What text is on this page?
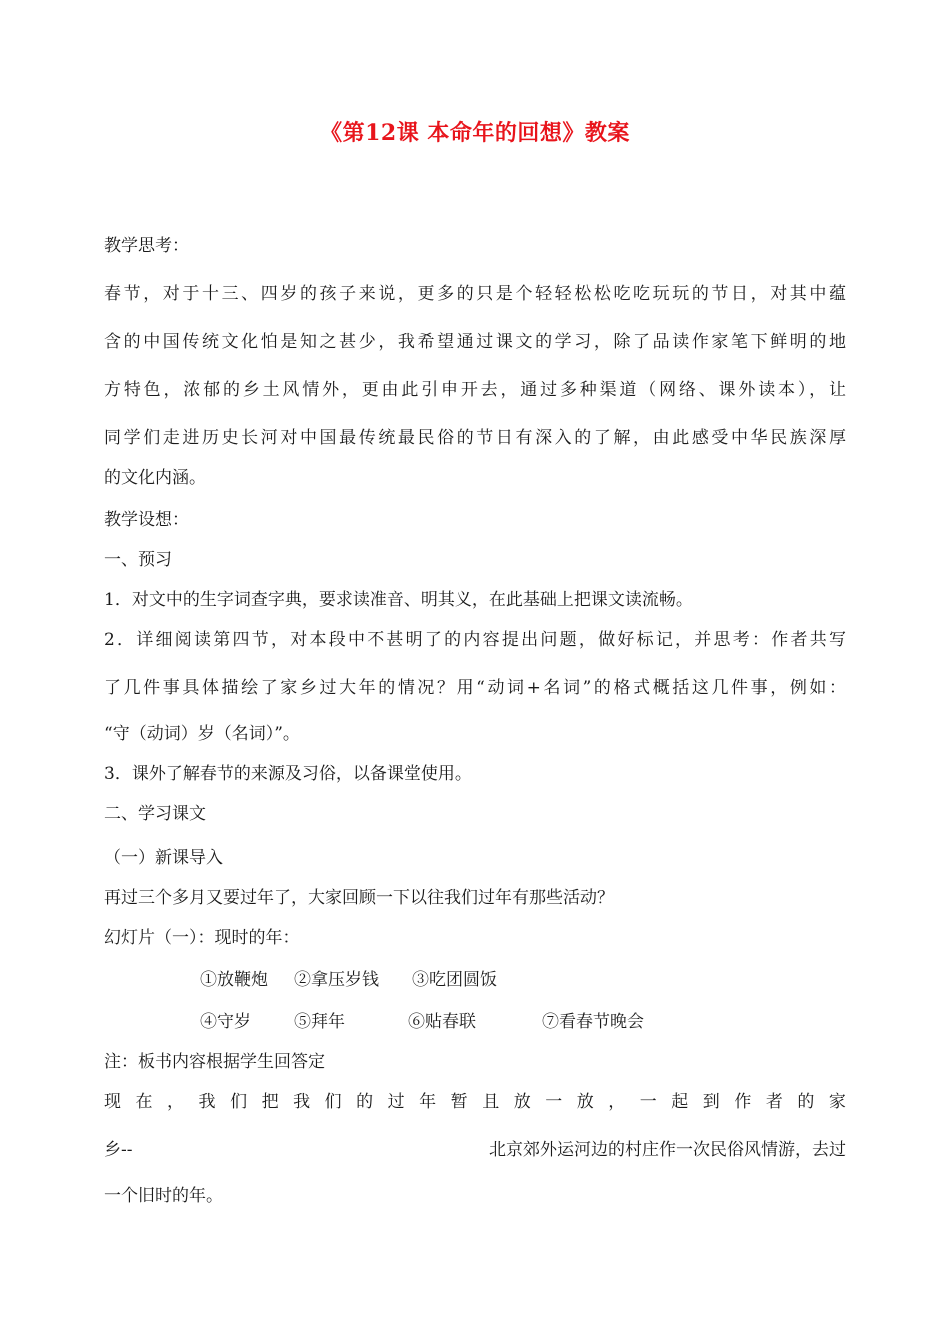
《第12课 本命年的回想》教案
教学思考：
春节，对于十三、四岁的孩子来说，更多的只是个轻轻松松吃吃玩玩的节日，对其中蕴
含的中国传统文化怕是知之甚少，我希望通过课文的学习，除了品读作家笔下鲜明的地
方特色，浓郁的乡土风情外，更由此引申开去，通过多种渠道（网络、课外读本），让
同学们走进历史长河对中国最传统最民俗的节日有深入的了解，由此感受中华民族深厚
的文化内涵。
教学设想：
一、预习
1．对文中的生字词查字典，要求读准音、明其义，在此基础上把课文读流畅。
2．详细阅读第四节，对本段中不甚明了的内容提出问题，做好标记，并思考：作者共写
了几件事具体描绘了家乡过大年的情况？用“动词+名词”的格式概括这几件事，例如：
“守（动词）岁（名词）”。
3．课外了解春节的来源及习俗，以备课堂使用。
二、学习课文
（一）新课导入
再过三个多月又要过年了，大家回顾一下以往我们过年有那些活动？
幻灯片（一）：现时的年：
①放鞭炮 ②拿压岁钱 ③吃团圆饭
④守岁	⑤拜年	⑥贴春联	⑦看春节晚会
注：板书内容根据学生回答定
现 在 ， 我 们 把 我 们 的 过 年 暂 且 放 一 放 ， 一 起 到 作 者 的 家
乡--	北京郊外运河边的村庄作一次民俗风情游，去过
一个旧时的年。
